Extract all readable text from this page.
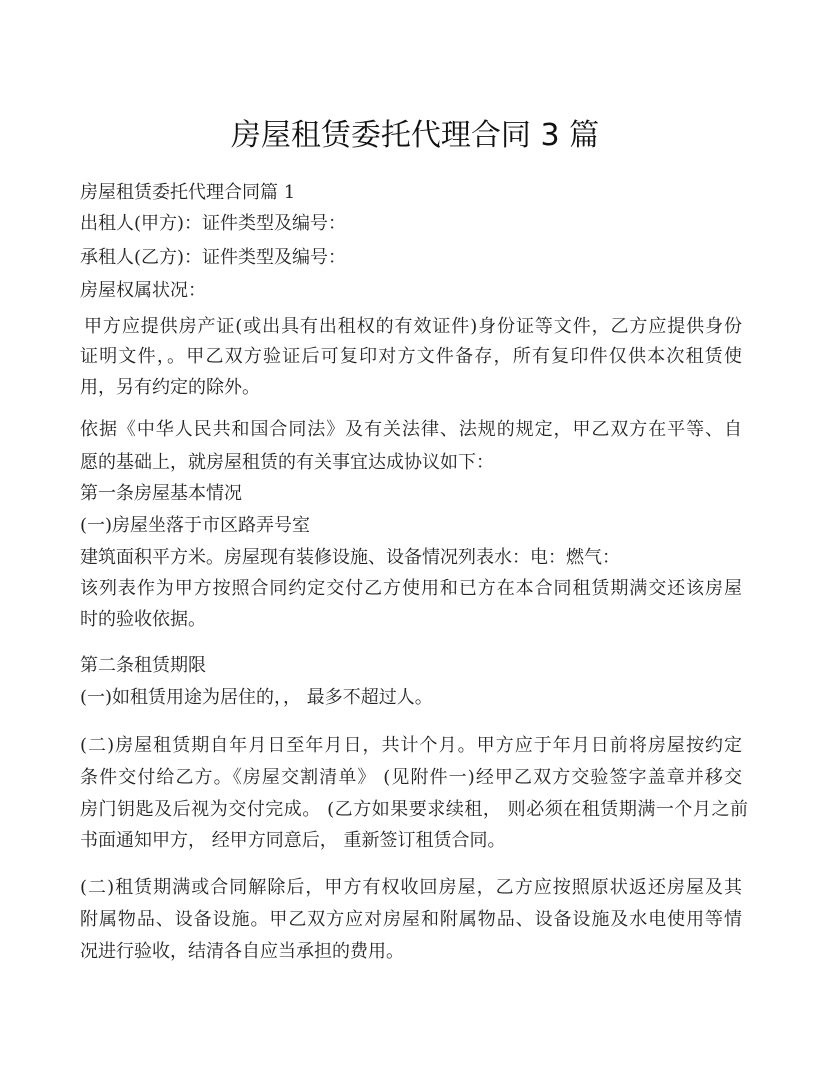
房屋租赁委托代理合同 3 篇
房屋租赁委托代理合同篇 1
出租人(甲方)：证件类型及编号：
承租人(乙方)：证件类型及编号：
房屋权属状况：
甲方应提供房产证(或出具有出租权的有效证件)身份证等文件，乙方应提供身份
证明文件，。甲乙双方验证后可复印对方文件备存，所有复印件仅供本次租赁使
用，另有约定的除外。
依据《中华人民共和国合同法》及有关法律、法规的规定，甲乙双方在平等、自
愿的基础上，就房屋租赁的有关事宜达成协议如下：
第一条房屋基本情况
(一)房屋坐落于市区路弄号室
建筑面积平方米。房屋现有装修设施、设备情况列表水：电：燃气：
该列表作为甲方按照合同约定交付乙方使用和已方在本合同租赁期满交还该房屋
时的验收依据。
第二条租赁期限
(一)如租赁用途为居住的，， 最多不超过人。
(二)房屋租赁期自年月日至年月日，共计个月。甲方应于年月日前将房屋按约定
条件交付给乙方。《房屋交割清单》 (见附件一)经甲乙双方交验签字盖章并移交
房门钥匙及后视为交付完成。 (乙方如果要求续租， 则必须在租赁期满一个月之前
书面通知甲方， 经甲方同意后， 重新签订租赁合同。
(二)租赁期满或合同解除后，甲方有权收回房屋，乙方应按照原状返还房屋及其
附属物品、设备设施。甲乙双方应对房屋和附属物品、设备设施及水电使用等情
况进行验收，结清各自应当承担的费用。
